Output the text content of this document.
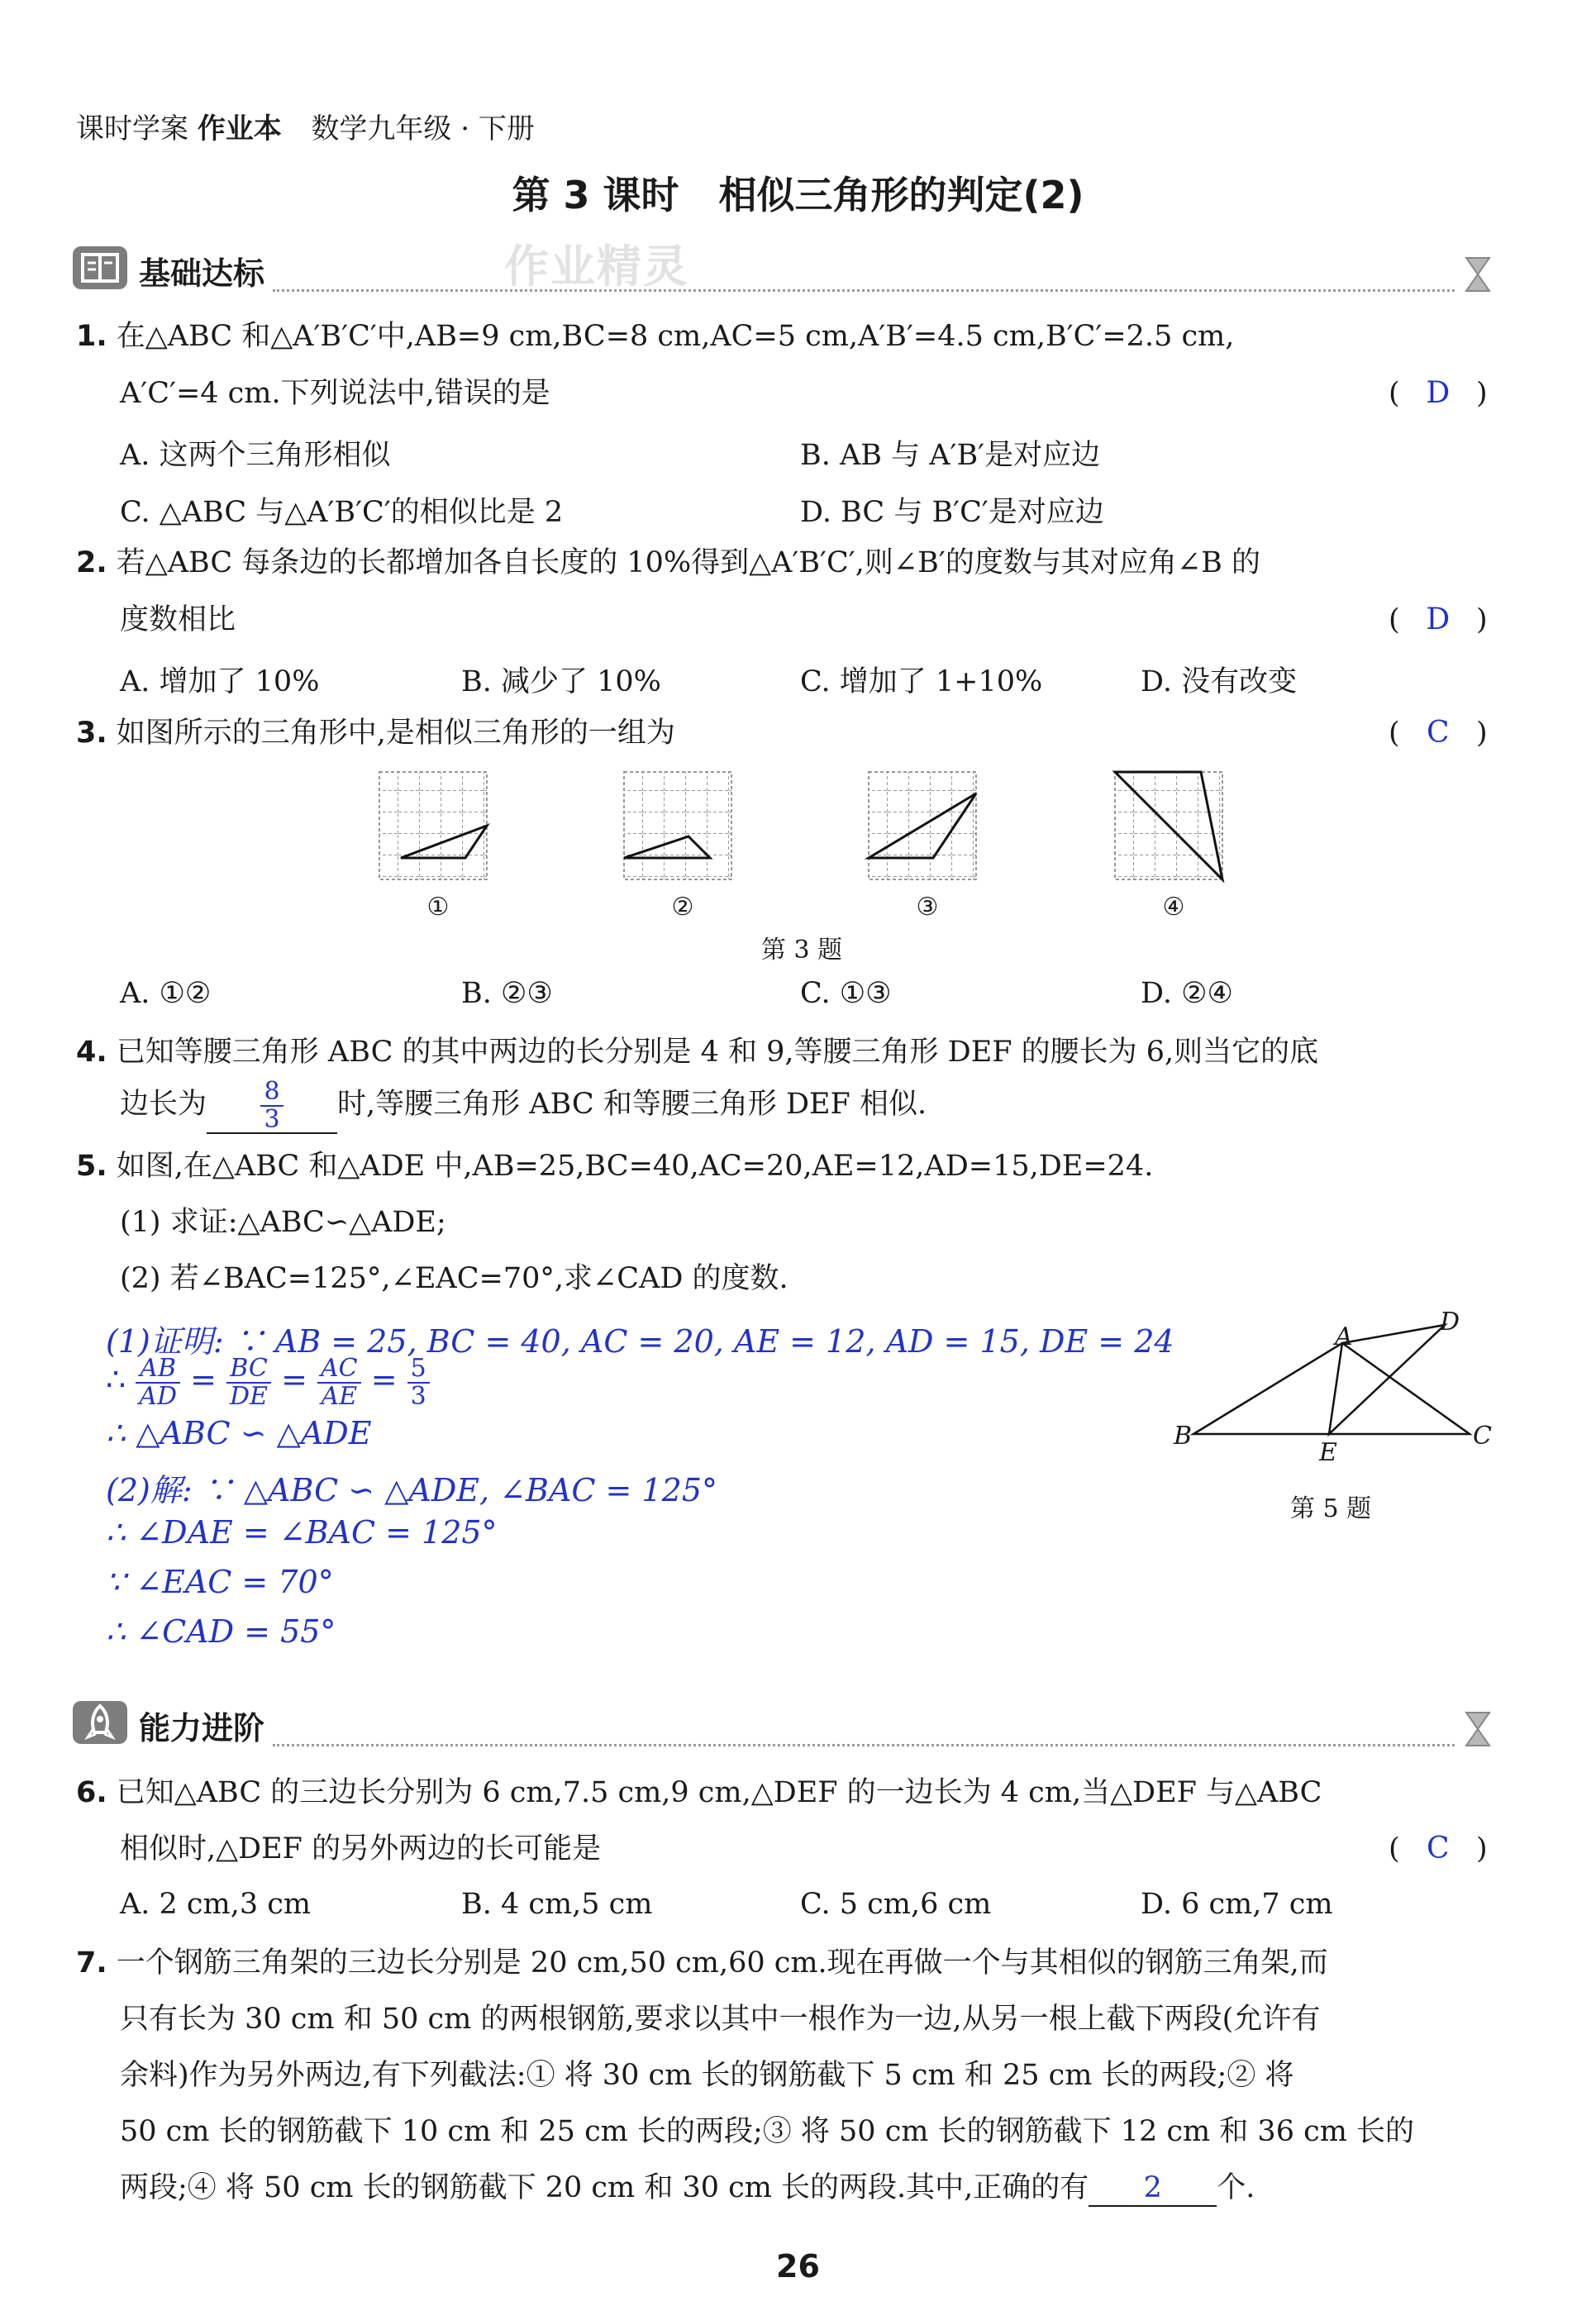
课时学案 作业本 数学九年级 · 下册
第 3 课时 相似三角形的判定(2)
基础达标	作业精灵
1. 在△ABC 和△A′B′C′中,AB=9 cm,BC=8 cm,AC=5 cm,A′B′=4.5 cm,B′C′=2.5 cm,
A′C′=4 cm.下列说法中,错误的是	( D )
A. 这两个三角形相似	B. AB 与 A′B′是对应边
C. △ABC 与△A′B′C′的相似比是 2	D. BC 与 B′C′是对应边
2. 若△ABC 每条边的长都增加各自长度的 10%得到△A′B′C′,则∠B′的度数与其对应角∠B 的
度数相比	( D )
A. 增加了 10%	B. 减少了 10%	C. 增加了 1+10%	D. 没有改变
3. 如图所示的三角形中,是相似三角形的一组为	( C )
①	②	③	④
第 3 题
A. ①②	B. ②③	C. ①③	D. ②④
4. 已知等腰三角形 ABC 的其中两边的长分别是 4 和 9,等腰三角形 DEF 的腰长为 6,则当它的底
边长为 $\frac{8}{3}$ 时,等腰三角形 ABC 和等腰三角形 DEF 相似.
5. 如图,在△ABC 和△ADE 中,AB=25,BC=40,AC=20,AE=12,AD=15,DE=24.
(1) 求证:△ABC∽△ADE;
(2) 若∠BAC=125°,∠EAC=70°,求∠CAD 的度数.
(1)证明: ∵ AB = 25, BC = 40, AC = 20, AE = 12, AD = 15, DE = 24
∴ $\frac{AB}{AD} = \frac{BC}{DE} = \frac{AC}{AE} = \frac{5}{3}$
∴ △ABC ∽ △ADE
(2)解: ∵ △ABC ∽ △ADE, ∠BAC = 125°
∴ ∠DAE = ∠BAC = 125°
∵ ∠EAC = 70°
∴ ∠CAD = 55°
A
D
B	C
E
第 5 题
能力进阶
6. 已知△ABC 的三边长分别为 6 cm,7.5 cm,9 cm,△DEF 的一边长为 4 cm,当△DEF 与△ABC
相似时,△DEF 的另外两边的长可能是	( C )
A. 2 cm,3 cm	B. 4 cm,5 cm	C. 5 cm,6 cm	D. 6 cm,7 cm
7. 一个钢筋三角架的三边长分别是 20 cm,50 cm,60 cm.现在再做一个与其相似的钢筋三角架,而
只有长为 30 cm 和 50 cm 的两根钢筋,要求以其中一根作为一边,从另一根上截下两段(允许有
余料)作为另外两边,有下列截法:① 将 30 cm 长的钢筋截下 5 cm 和 25 cm 长的两段;② 将
50 cm 长的钢筋截下 10 cm 和 25 cm 长的两段;③ 将 50 cm 长的钢筋截下 12 cm 和 36 cm 长的
两段;④ 将 50 cm 长的钢筋截下 20 cm 和 30 cm 长的两段.其中,正确的有 2 个.
26
